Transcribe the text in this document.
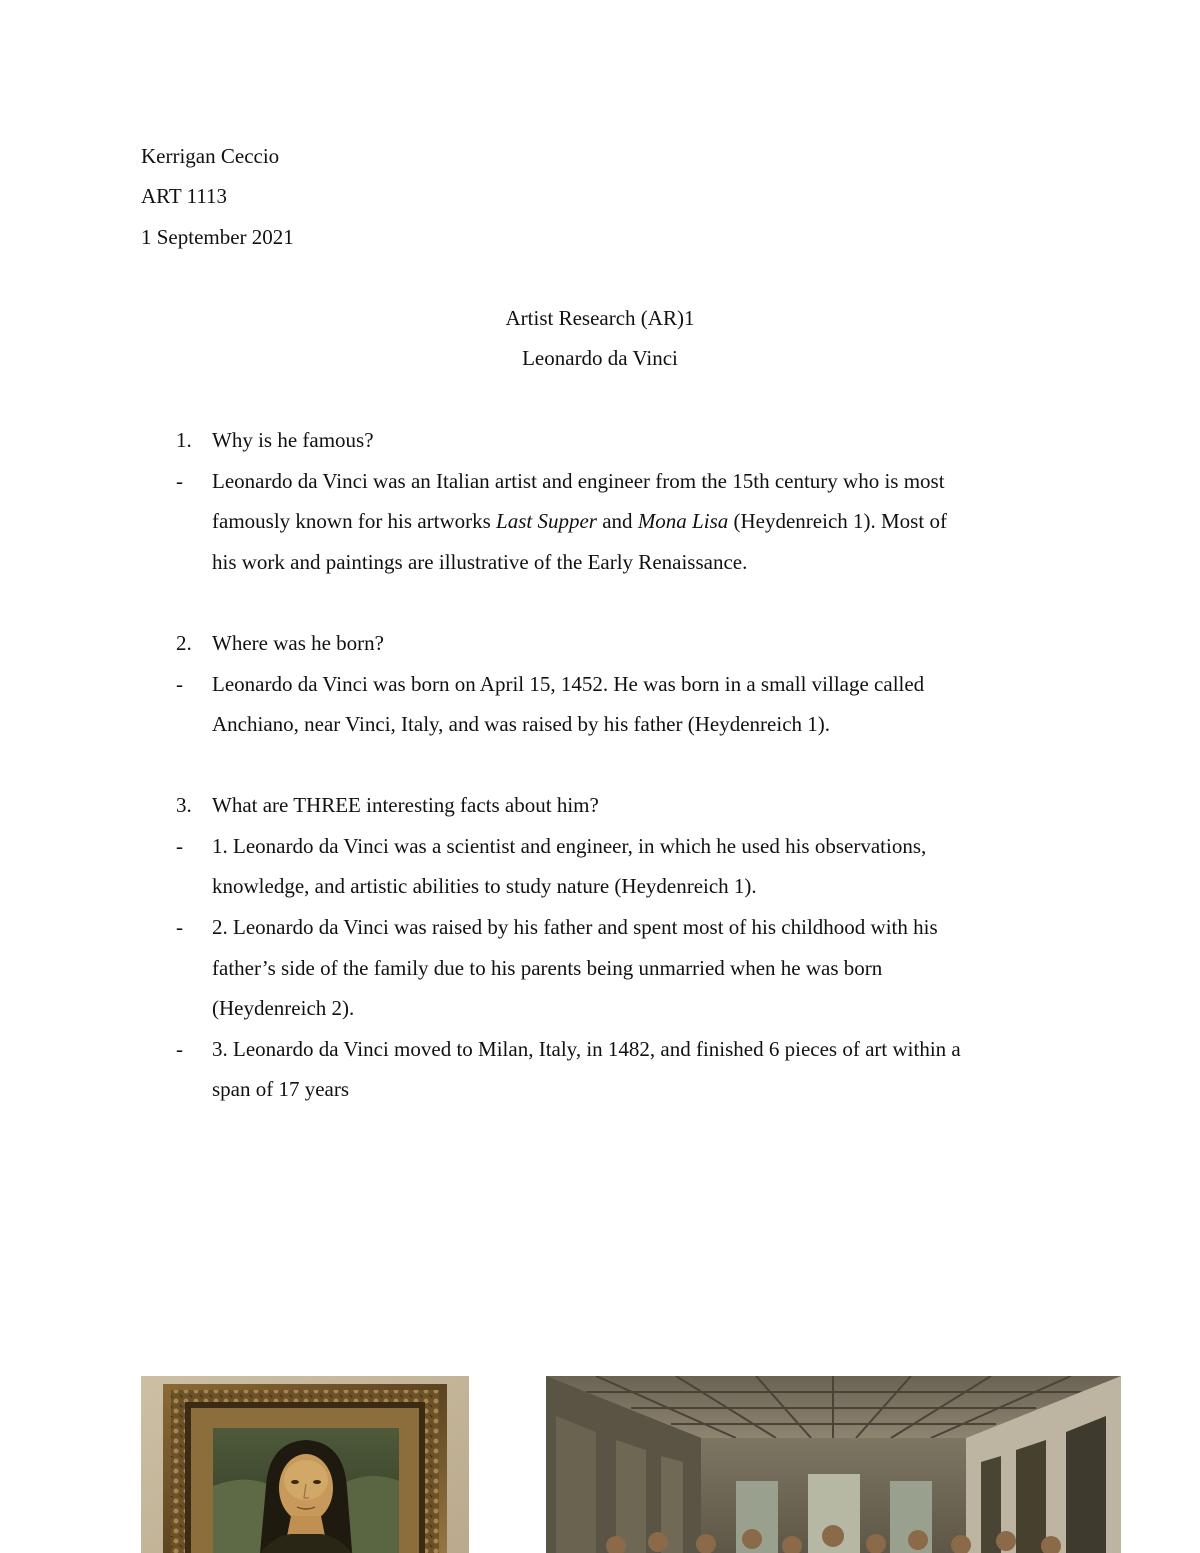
Kerrigan Ceccio
ART 1113
1 September 2021
Artist Research (AR)1
Leonardo da Vinci
1. Why is he famous?
- Leonardo da Vinci was an Italian artist and engineer from the 15th century who is most
famously known for his artworks Last Supper and Mona Lisa (Heydenreich 1). Most of
his work and paintings are illustrative of the Early Renaissance.
2. Where was he born?
- Leonardo da Vinci was born on April 15, 1452. He was born in a small village called
Anchiano, near Vinci, Italy, and was raised by his father (Heydenreich 1).
3. What are THREE interesting facts about him?
- 1. Leonardo da Vinci was a scientist and engineer, in which he used his observations,
knowledge, and artistic abilities to study nature (Heydenreich 1).
- 2. Leonardo da Vinci was raised by his father and spent most of his childhood with his
father’s side of the family due to his parents being unmarried when he was born
(Heydenreich 2).
- 3. Leonardo da Vinci moved to Milan, Italy, in 1482, and finished 6 pieces of art within a
span of 17 years
